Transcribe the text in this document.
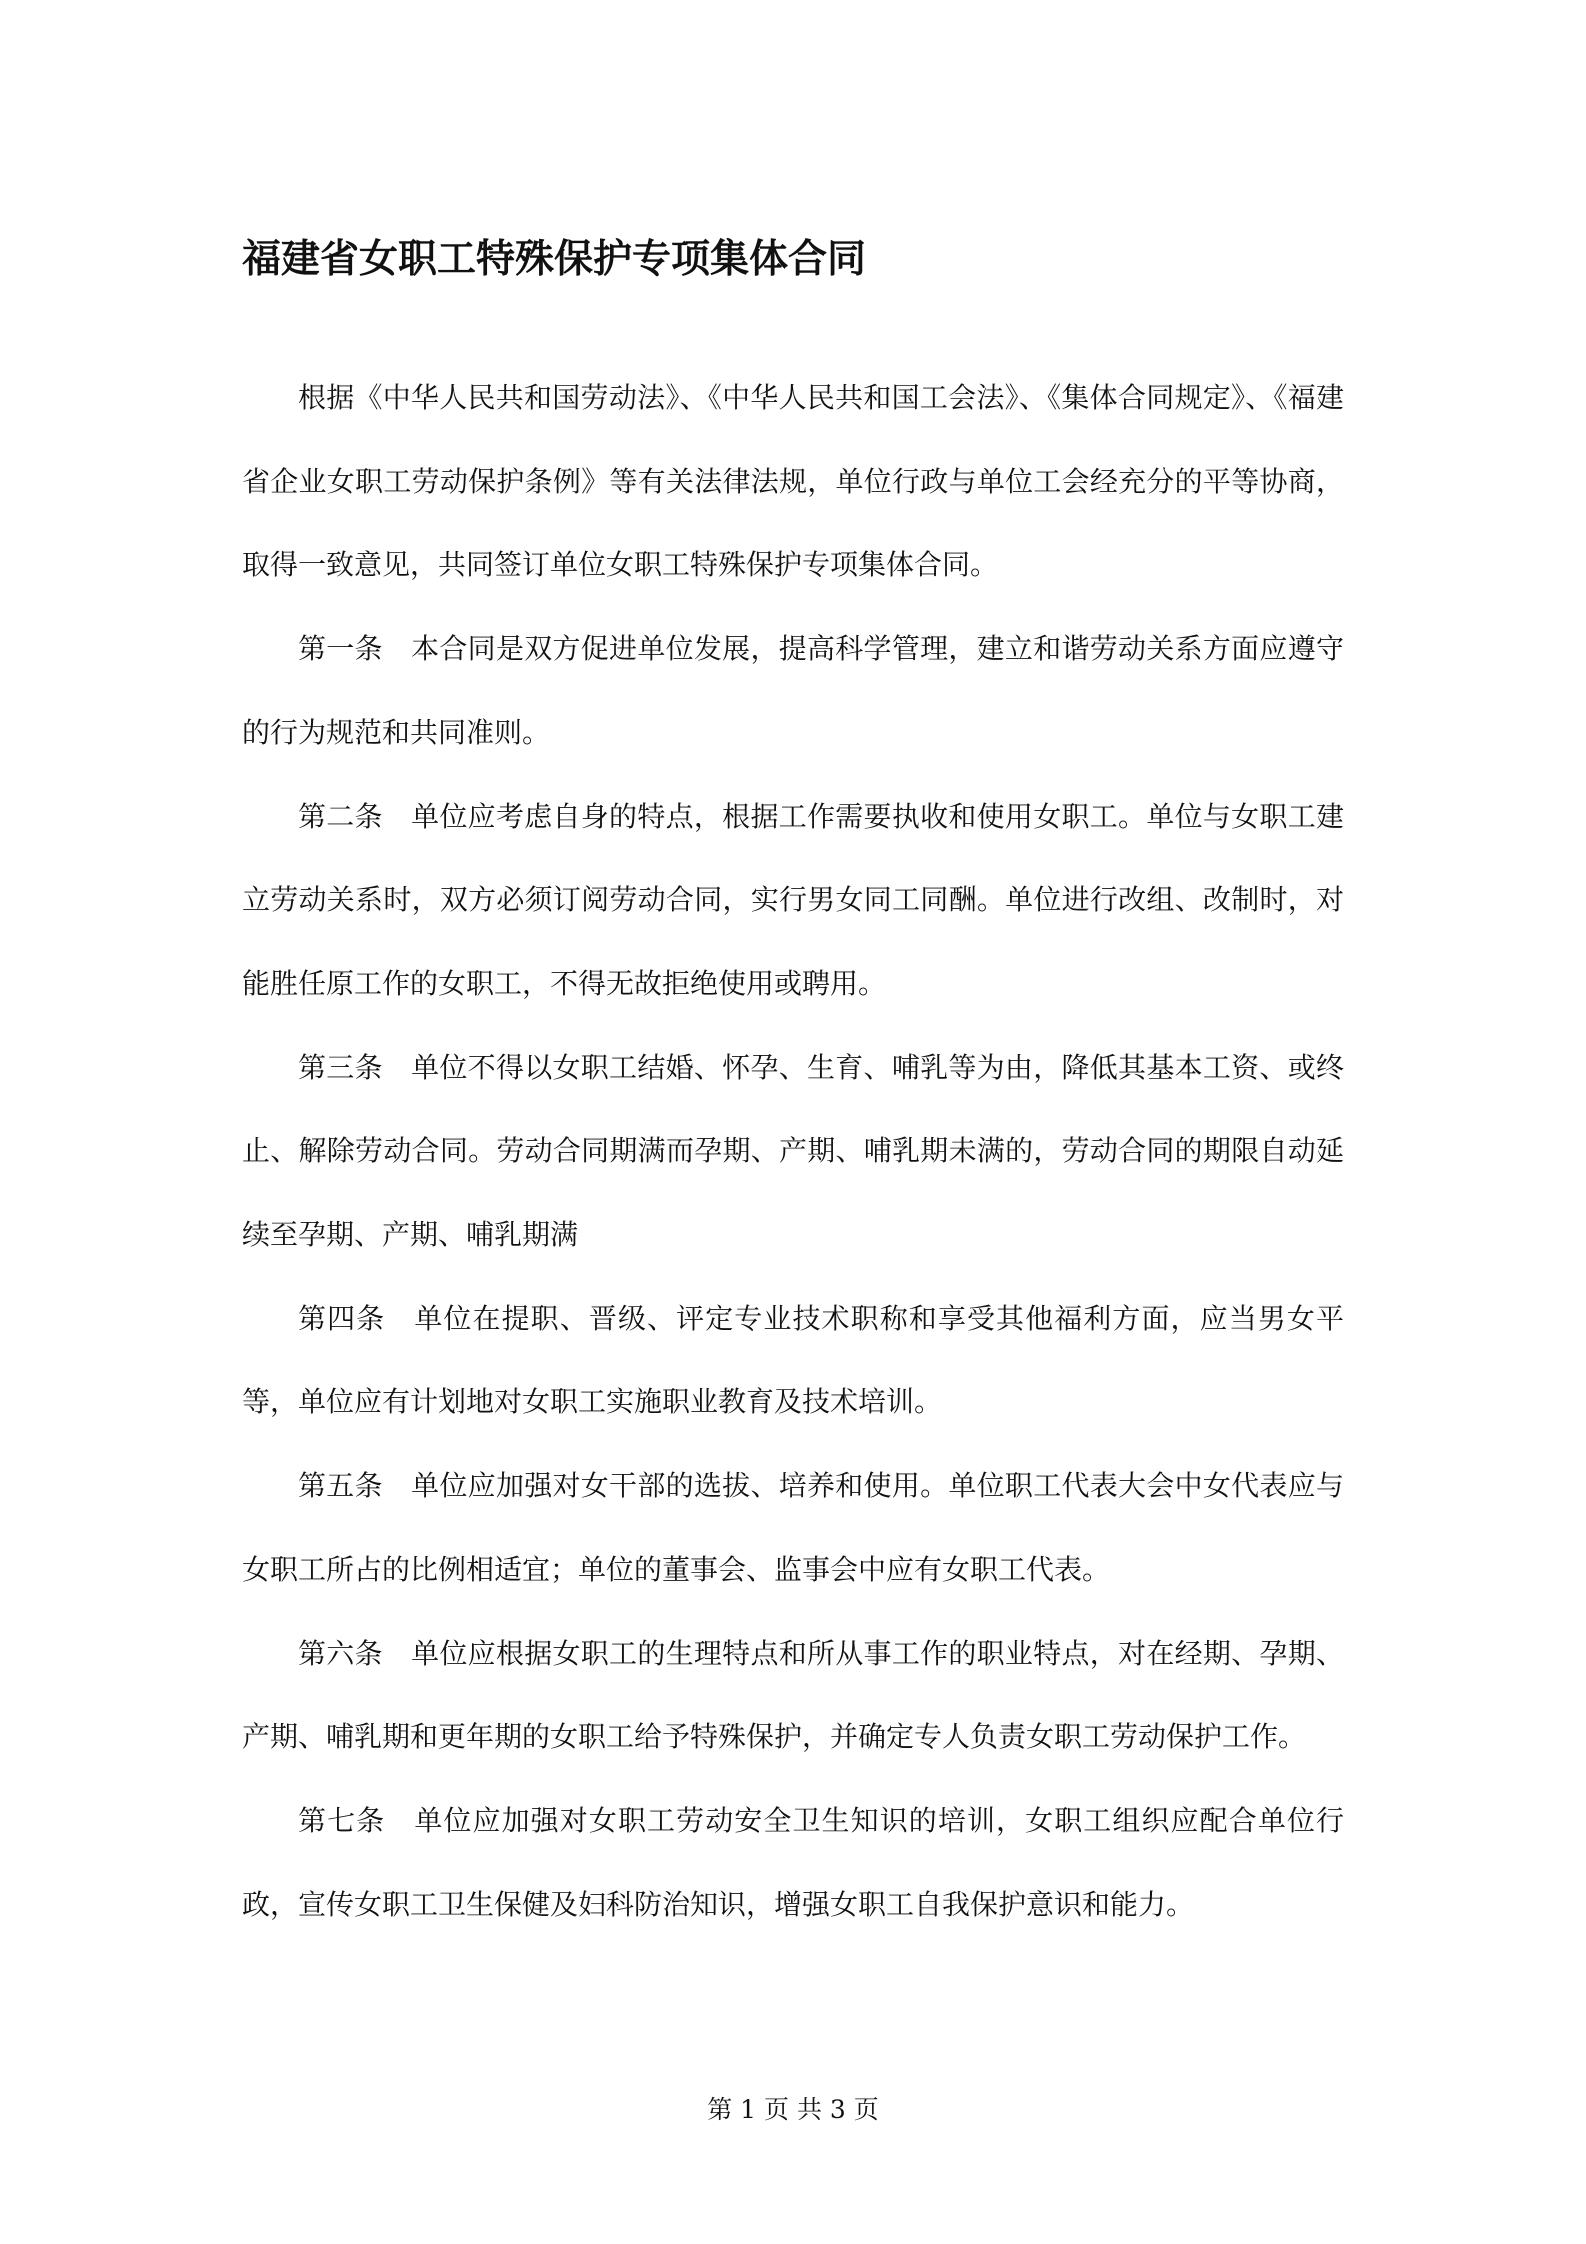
福建省女职工特殊保护专项集体合同

根据《中华人民共和国劳动法》、《中华人民共和国工会法》、《集体合同规定》、《福建省企业女职工劳动保护条例》等有关法律法规，单位行政与单位工会经充分的平等协商，取得一致意见，共同签订单位女职工特殊保护专项集体合同。

第一条　本合同是双方促进单位发展，提高科学管理，建立和谐劳动关系方面应遵守的行为规范和共同准则。

第二条　单位应考虑自身的特点，根据工作需要执收和使用女职工。单位与女职工建立劳动关系时，双方必须订阅劳动合同，实行男女同工同酬。单位进行改组、改制时，对能胜任原工作的女职工，不得无故拒绝使用或聘用。

第三条　单位不得以女职工结婚、怀孕、生育、哺乳等为由，降低其基本工资、或终止、解除劳动合同。劳动合同期满而孕期、产期、哺乳期未满的，劳动合同的期限自动延续至孕期、产期、哺乳期满

第四条　单位在提职、晋级、评定专业技术职称和享受其他福利方面，应当男女平等，单位应有计划地对女职工实施职业教育及技术培训。

第五条　单位应加强对女干部的选拔、培养和使用。单位职工代表大会中女代表应与女职工所占的比例相适宜；单位的董事会、监事会中应有女职工代表。

第六条　单位应根据女职工的生理特点和所从事工作的职业特点，对在经期、孕期、产期、哺乳期和更年期的女职工给予特殊保护，并确定专人负责女职工劳动保护工作。

第七条　单位应加强对女职工劳动安全卫生知识的培训，女职工组织应配合单位行政，宣传女职工卫生保健及妇科防治知识，增强女职工自我保护意识和能力。

第 1 页 共 3 页
